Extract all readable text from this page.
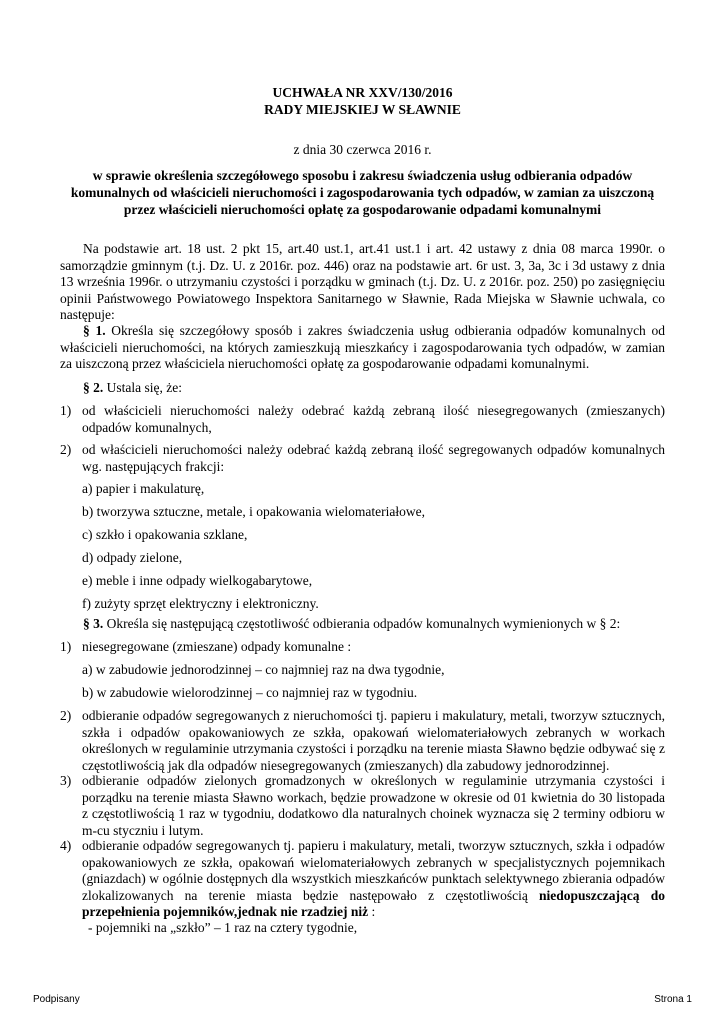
UCHWAŁA NR XXV/130/2016
RADY MIEJSKIEJ W SŁAWNIE
z dnia 30 czerwca 2016 r.
w sprawie określenia szczegółowego sposobu i zakresu świadczenia usług odbierania odpadów komunalnych od właścicieli nieruchomości i zagospodarowania tych odpadów, w zamian za uiszczoną przez właścicieli nieruchomości opłatę za gospodarowanie odpadami komunalnymi
Na podstawie art. 18 ust. 2 pkt 15, art.40 ust.1, art.41 ust.1 i art. 42 ustawy z dnia 08 marca 1990r. o samorządzie gminnym (t.j. Dz. U. z 2016r. poz. 446) oraz na podstawie art. 6r ust. 3, 3a, 3c i 3d ustawy z dnia 13 września 1996r. o utrzymaniu czystości i porządku w gminach (t.j. Dz. U. z 2016r. poz. 250) po zasięgnięciu opinii Państwowego Powiatowego Inspektora Sanitarnego w Sławnie, Rada Miejska w Sławnie uchwala, co następuje:
§ 1. Określa się szczegółowy sposób i zakres świadczenia usług odbierania odpadów komunalnych od właścicieli nieruchomości, na których zamieszkują mieszkańcy i zagospodarowania tych odpadów, w zamian za uiszczoną przez właściciela nieruchomości opłatę za gospodarowanie odpadami komunalnymi.
§ 2. Ustala się, że:
1) od właścicieli nieruchomości należy odebrać każdą zebraną ilość niesegregowanych (zmieszanych) odpadów komunalnych,
2) od właścicieli nieruchomości należy odebrać każdą zebraną ilość segregowanych odpadów komunalnych wg. następujących frakcji:
a) papier i makulaturę,
b) tworzywa sztuczne, metale, i opakowania wielomateriałowe,
c) szkło i opakowania szklane,
d) odpady zielone,
e) meble i inne odpady wielkogabarytowe,
f) zużyty sprzęt elektryczny i elektroniczny.
§ 3. Określa się następującą częstotliwość odbierania odpadów komunalnych wymienionych w § 2:
1) niesegregowane (zmieszane) odpady komunalne :
a) w zabudowie jednorodzinnej – co najmniej raz na dwa tygodnie,
b) w zabudowie wielorodzinnej – co najmniej raz w tygodniu.
2) odbieranie odpadów segregowanych z nieruchomości tj. papieru i makulatury, metali, tworzyw sztucznych, szkła i odpadów opakowaniowych ze szkła, opakowań wielomateriałowych zebranych w workach określonych w regulaminie utrzymania czystości i porządku na terenie miasta Sławno będzie odbywać się z częstotliwością jak dla odpadów niesegregowanych (zmieszanych) dla zabudowy jednorodzinnej.
3) odbieranie odpadów zielonych gromadzonych w określonych w regulaminie utrzymania czystości i porządku na terenie miasta Sławno workach, będzie prowadzone w okresie od 01 kwietnia do 30 listopada z częstotliwością 1 raz w tygodniu, dodatkowo dla naturalnych choinek wyznacza się 2 terminy odbioru w m-cu styczniu i lutym.
4) odbieranie odpadów segregowanych tj. papieru i makulatury, metali, tworzyw sztucznych, szkła i odpadów opakowaniowych ze szkła, opakowań wielomateriałowych zebranych w specjalistycznych pojemnikach (gniazdach) w ogólnie dostępnych dla wszystkich mieszkańców punktach selektywnego zbierania odpadów zlokalizowanych na terenie miasta będzie następowało z częstotliwością niedopuszczającą do przepełnienia pojemników,jednak nie rzadziej niż :
- pojemniki na „szkło” – 1 raz na cztery tygodnie,
Podpisany	Strona 1
